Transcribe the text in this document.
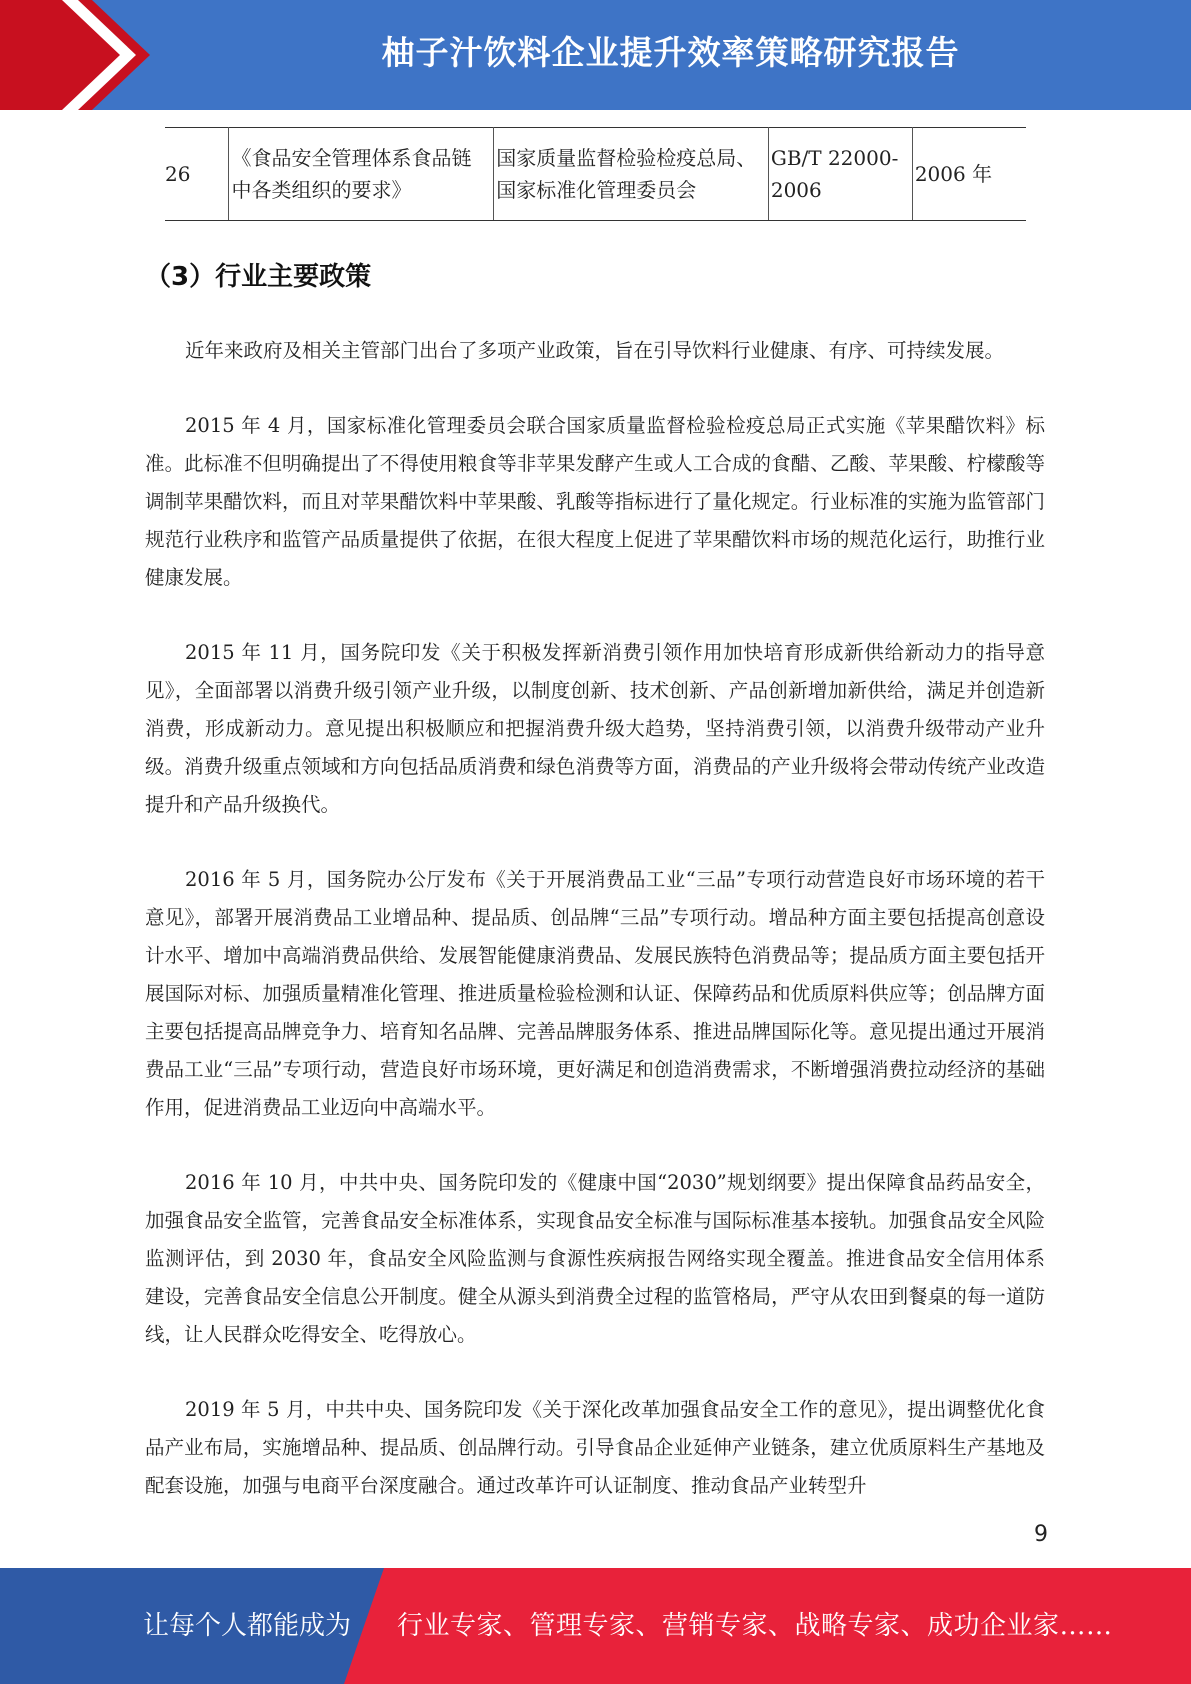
柚子汁饮料企业提升效率策略研究报告
26	《食品安全管理体系食品链中各类组织的要求》	国家质量监督检验检疫总局、国家标准化管理委员会	GB/T 22000-2006	2006 年
（3）行业主要政策

近年来政府及相关主管部门出台了多项产业政策，旨在引导饮料行业健康、有序、可持续发展。

2015 年 4 月，国家标准化管理委员会联合国家质量监督检验检疫总局正式实施《苹果醋饮料》标准。此标准不但明确提出了不得使用粮食等非苹果发酵产生或人工合成的食醋、乙酸、苹果酸、柠檬酸等调制苹果醋饮料，而且对苹果醋饮料中苹果酸、乳酸等指标进行了量化规定。行业标准的实施为监管部门规范行业秩序和监管产品质量提供了依据，在很大程度上促进了苹果醋饮料市场的规范化运行，助推行业健康发展。

2015 年 11 月，国务院印发《关于积极发挥新消费引领作用加快培育形成新供给新动力的指导意见》，全面部署以消费升级引领产业升级，以制度创新、技术创新、产品创新增加新供给，满足并创造新消费，形成新动力。意见提出积极顺应和把握消费升级大趋势，坚持消费引领，以消费升级带动产业升级。消费升级重点领域和方向包括品质消费和绿色消费等方面，消费品的产业升级将会带动传统产业改造提升和产品升级换代。

2016 年 5 月，国务院办公厅发布《关于开展消费品工业“三品”专项行动营造良好市场环境的若干意见》，部署开展消费品工业增品种、提品质、创品牌“三品”专项行动。增品种方面主要包括提高创意设计水平、增加中高端消费品供给、发展智能健康消费品、发展民族特色消费品等；提品质方面主要包括开展国际对标、加强质量精准化管理、推进质量检验检测和认证、保障药品和优质原料供应等；创品牌方面主要包括提高品牌竞争力、培育知名品牌、完善品牌服务体系、推进品牌国际化等。意见提出通过开展消费品工业“三品”专项行动，营造良好市场环境，更好满足和创造消费需求，不断增强消费拉动经济的基础作用，促进消费品工业迈向中高端水平。

2016 年 10 月，中共中央、国务院印发的《健康中国“2030”规划纲要》提出保障食品药品安全，加强食品安全监管，完善食品安全标准体系，实现食品安全标准与国际标准基本接轨。加强食品安全风险监测评估，到 2030 年，食品安全风险监测与食源性疾病报告网络实现全覆盖。推进食品安全信用体系建设，完善食品安全信息公开制度。健全从源头到消费全过程的监管格局，严守从农田到餐桌的每一道防线，让人民群众吃得安全、吃得放心。

2019 年 5 月，中共中央、国务院印发《关于深化改革加强食品安全工作的意见》，提出调整优化食品产业布局，实施增品种、提品质、创品牌行动。引导食品企业延伸产业链条，建立优质原料生产基地及配套设施，加强与电商平台深度融合。通过改革许可认证制度、推动食品产业转型升

9
让每个人都能成为 行业专家、管理专家、营销专家、战略专家、成功企业家……
